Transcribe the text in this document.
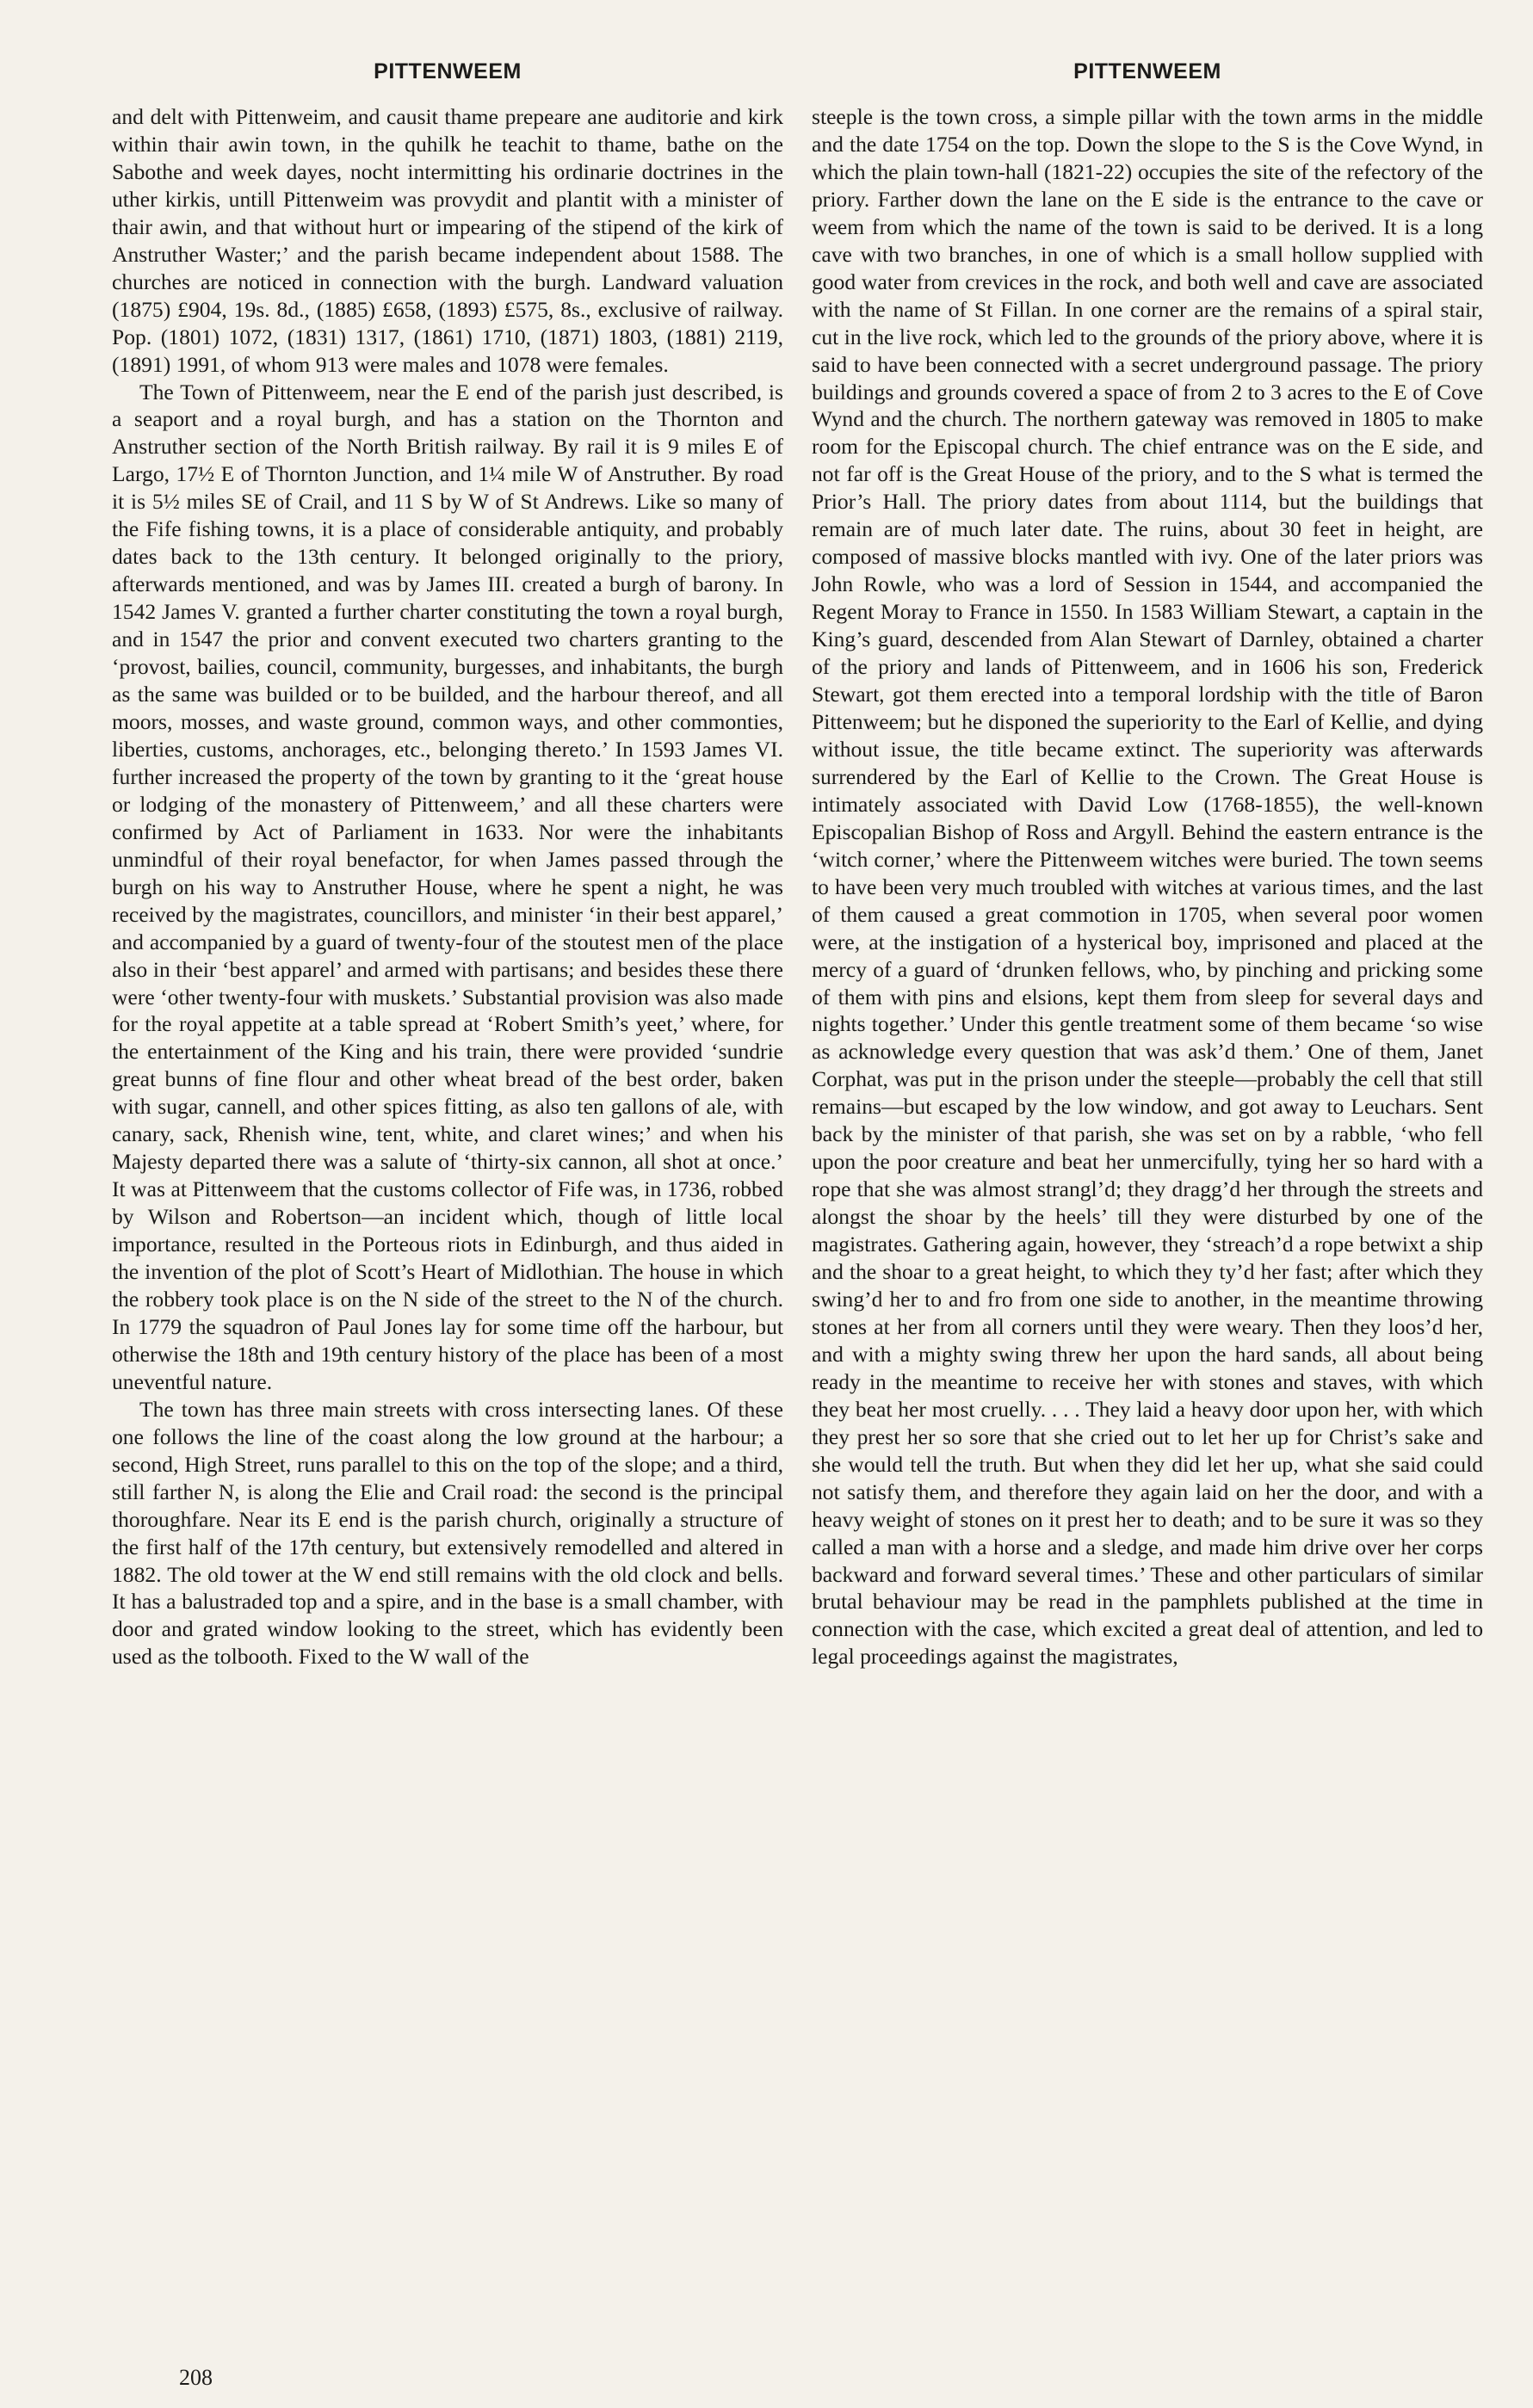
PITTENWEEM

and delt with Pittenweim, and causit thame prepeare ane auditorie and kirk within thair awin town, in the quhilk he teachit to thame, bathe on the Sabothe and week dayes, nocht intermitting his ordinarie doctrines in the uther kirkis, untill Pittenweim was provydit and plantit with a minister of thair awin, and that without hurt or impearing of the stipend of the kirk of Anstruther Waster;’ and the parish became independent about 1588. The churches are noticed in connection with the burgh. Landward valuation (1875) £904, 19s. 8d., (1885) £658, (1893) £575, 8s., exclusive of railway. Pop. (1801) 1072, (1831) 1317, (1861) 1710, (1871) 1803, (1881) 2119, (1891) 1991, of whom 913 were males and 1078 were females.

The Town of Pittenweem, near the E end of the parish just described, is a seaport and a royal burgh, and has a station on the Thornton and Anstruther section of the North British railway. By rail it is 9 miles E of Largo, 17½ E of Thornton Junction, and 1¼ mile W of Anstruther. By road it is 5½ miles SE of Crail, and 11 S by W of St Andrews. Like so many of the Fife fishing towns, it is a place of considerable antiquity, and probably dates back to the 13th century. It belonged originally to the priory, afterwards mentioned, and was by James III. created a burgh of barony. In 1542 James V. granted a further charter constituting the town a royal burgh, and in 1547 the prior and convent executed two charters granting to the ‘provost, bailies, council, community, burgesses, and inhabitants, the burgh as the same was builded or to be builded, and the harbour thereof, and all moors, mosses, and waste ground, common ways, and other commonties, liberties, customs, anchorages, etc., belonging thereto.’ In 1593 James VI. further increased the property of the town by granting to it the ‘great house or lodging of the monastery of Pittenweem,’ and all these charters were confirmed by Act of Parliament in 1633. Nor were the inhabitants unmindful of their royal benefactor, for when James passed through the burgh on his way to Anstruther House, where he spent a night, he was received by the magistrates, councillors, and minister ‘in their best apparel,’ and accompanied by a guard of twenty-four of the stoutest men of the place also in their ‘best apparel’ and armed with partisans; and besides these there were ‘other twenty-four with muskets.’ Substantial provision was also made for the royal appetite at a table spread at ‘Robert Smith’s yeet,’ where, for the entertainment of the King and his train, there were provided ‘sundrie great bunns of fine flour and other wheat bread of the best order, baken with sugar, cannell, and other spices fitting, as also ten gallons of ale, with canary, sack, Rhenish wine, tent, white, and claret wines;’ and when his Majesty departed there was a salute of ‘thirty-six cannon, all shot at once.’ It was at Pittenweem that the customs collector of Fife was, in 1736, robbed by Wilson and Robertson—an incident which, though of little local importance, resulted in the Porteous riots in Edinburgh, and thus aided in the invention of the plot of Scott’s Heart of Midlothian. The house in which the robbery took place is on the N side of the street to the N of the church. In 1779 the squadron of Paul Jones lay for some time off the harbour, but otherwise the 18th and 19th century history of the place has been of a most uneventful nature.

The town has three main streets with cross intersecting lanes. Of these one follows the line of the coast along the low ground at the harbour; a second, High Street, runs parallel to this on the top of the slope; and a third, still farther N, is along the Elie and Crail road: the second is the principal thoroughfare. Near its E end is the parish church, originally a structure of the first half of the 17th century, but extensively remodelled and altered in 1882. The old tower at the W end still remains with the old clock and bells. It has a balustraded top and a spire, and in the base is a small chamber, with door and grated window looking to the street, which has evidently been used as the tolbooth. Fixed to the W wall of the

PITTENWEEM

steeple is the town cross, a simple pillar with the town arms in the middle and the date 1754 on the top. Down the slope to the S is the Cove Wynd, in which the plain town-hall (1821-22) occupies the site of the refectory of the priory. Farther down the lane on the E side is the entrance to the cave or weem from which the name of the town is said to be derived. It is a long cave with two branches, in one of which is a small hollow supplied with good water from crevices in the rock, and both well and cave are associated with the name of St Fillan. In one corner are the remains of a spiral stair, cut in the live rock, which led to the grounds of the priory above, where it is said to have been connected with a secret underground passage. The priory buildings and grounds covered a space of from 2 to 3 acres to the E of Cove Wynd and the church. The northern gateway was removed in 1805 to make room for the Episcopal church. The chief entrance was on the E side, and not far off is the Great House of the priory, and to the S what is termed the Prior’s Hall. The priory dates from about 1114, but the buildings that remain are of much later date. The ruins, about 30 feet in height, are composed of massive blocks mantled with ivy. One of the later priors was John Rowle, who was a lord of Session in 1544, and accompanied the Regent Moray to France in 1550. In 1583 William Stewart, a captain in the King’s guard, descended from Alan Stewart of Darnley, obtained a charter of the priory and lands of Pittenweem, and in 1606 his son, Frederick Stewart, got them erected into a temporal lordship with the title of Baron Pittenweem; but he disponed the superiority to the Earl of Kellie, and dying without issue, the title became extinct. The superiority was afterwards surrendered by the Earl of Kellie to the Crown. The Great House is intimately associated with David Low (1768-1855), the well-known Episcopalian Bishop of Ross and Argyll. Behind the eastern entrance is the ‘witch corner,’ where the Pittenweem witches were buried. The town seems to have been very much troubled with witches at various times, and the last of them caused a great commotion in 1705, when several poor women were, at the instigation of a hysterical boy, imprisoned and placed at the mercy of a guard of ‘drunken fellows, who, by pinching and pricking some of them with pins and elsions, kept them from sleep for several days and nights together.’ Under this gentle treatment some of them became ‘so wise as acknowledge every question that was ask’d them.’ One of them, Janet Corphat, was put in the prison under the steeple—probably the cell that still remains—but escaped by the low window, and got away to Leuchars. Sent back by the minister of that parish, she was set on by a rabble, ‘who fell upon the poor creature and beat her unmercifully, tying her so hard with a rope that she was almost strangl’d; they dragg’d her through the streets and alongst the shoar by the heels’ till they were disturbed by one of the magistrates. Gathering again, however, they ‘streach’d a rope betwixt a ship and the shoar to a great height, to which they ty’d her fast; after which they swing’d her to and fro from one side to another, in the meantime throwing stones at her from all corners until they were weary. Then they loos’d her, and with a mighty swing threw her upon the hard sands, all about being ready in the meantime to receive her with stones and staves, with which they beat her most cruelly. . . . They laid a heavy door upon her, with which they prest her so sore that she cried out to let her up for Christ’s sake and she would tell the truth. But when they did let her up, what she said could not satisfy them, and therefore they again laid on her the door, and with a heavy weight of stones on it prest her to death; and to be sure it was so they called a man with a horse and a sledge, and made him drive over her corps backward and forward several times.’ These and other particulars of similar brutal behaviour may be read in the pamphlets published at the time in connection with the case, which excited a great deal of attention, and led to legal proceedings against the magistrates,

208
